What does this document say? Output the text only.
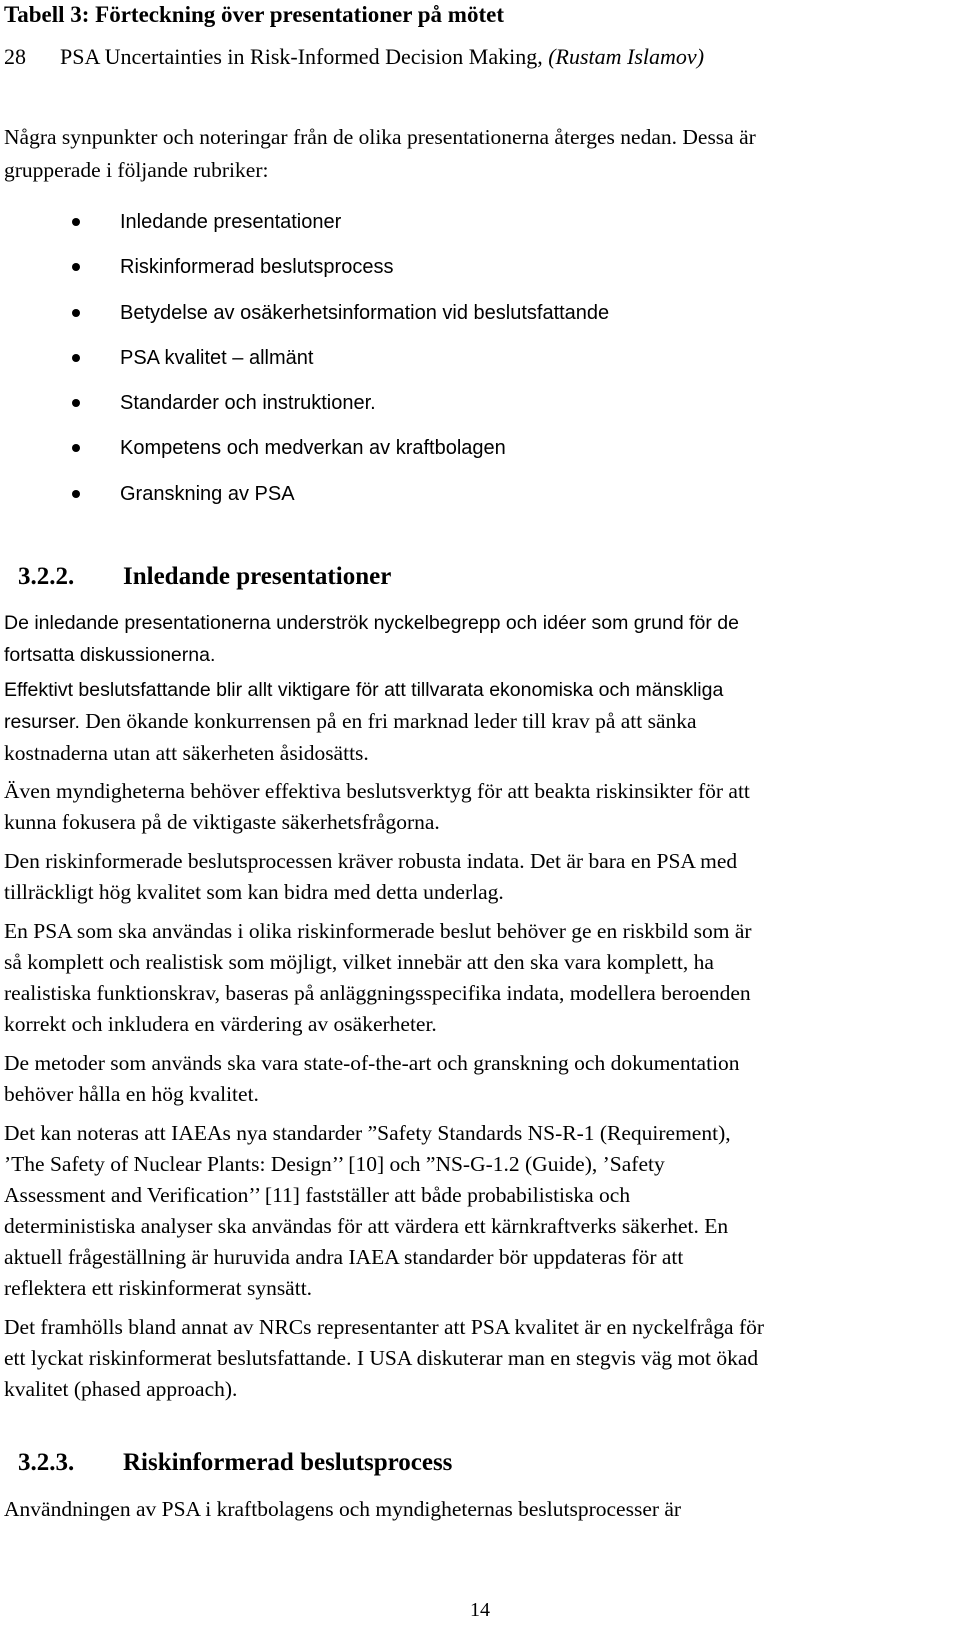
Tabell 3: Förteckning över presentationer på mötet
28 PSA Uncertainties in Risk-Informed Decision Making, (Rustam Islamov)
Några synpunkter och noteringar från de olika presentationerna återges nedan. Dessa är
grupperade i följande rubriker:
Inledande presentationer
Riskinformerad beslutsprocess
Betydelse av osäkerhetsinformation vid beslutsfattande
PSA kvalitet – allmänt
Standarder och instruktioner.
Kompetens och medverkan av kraftbolagen
Granskning av PSA
3.2.2. Inledande presentationer
De inledande presentationerna underströk nyckelbegrepp och idéer som grund för de
fortsatta diskussionerna.
Effektivt beslutsfattande blir allt viktigare för att tillvarata ekonomiska och mänskliga
resurser. Den ökande konkurrensen på en fri marknad leder till krav på att sänka
kostnaderna utan att säkerheten åsidosätts.
Även myndigheterna behöver effektiva beslutsverktyg för att beakta riskinsikter för att
kunna fokusera på de viktigaste säkerhetsfrågorna.
Den riskinformerade beslutsprocessen kräver robusta indata. Det är bara en PSA med
tillräckligt hög kvalitet som kan bidra med detta underlag.
En PSA som ska användas i olika riskinformerade beslut behöver ge en riskbild som är
så komplett och realistisk som möjligt, vilket innebär att den ska vara komplett, ha
realistiska funktionskrav, baseras på anläggningsspecifika indata, modellera beroenden
korrekt och inkludera en värdering av osäkerheter.
De metoder som används ska vara state-of-the-art och granskning och dokumentation
behöver hålla en hög kvalitet.
Det kan noteras att IAEAs nya standarder ”Safety Standards NS-R-1 (Requirement),
’The Safety of Nuclear Plants: Design’’ [10] och ”NS-G-1.2 (Guide), ’Safety
Assessment and Verification’’ [11] fastställer att både probabilistiska och
deterministiska analyser ska användas för att värdera ett kärnkraftverks säkerhet. En
aktuell frågeställning är huruvida andra IAEA standarder bör uppdateras för att
reflektera ett riskinformerat synsätt.
Det framhölls bland annat av NRCs representanter att PSA kvalitet är en nyckelfråga för
ett lyckat riskinformerat beslutsfattande. I USA diskuterar man en stegvis väg mot ökad
kvalitet (phased approach).
3.2.3. Riskinformerad beslutsprocess
Användningen av PSA i kraftbolagens och myndigheternas beslutsprocesser är
14
